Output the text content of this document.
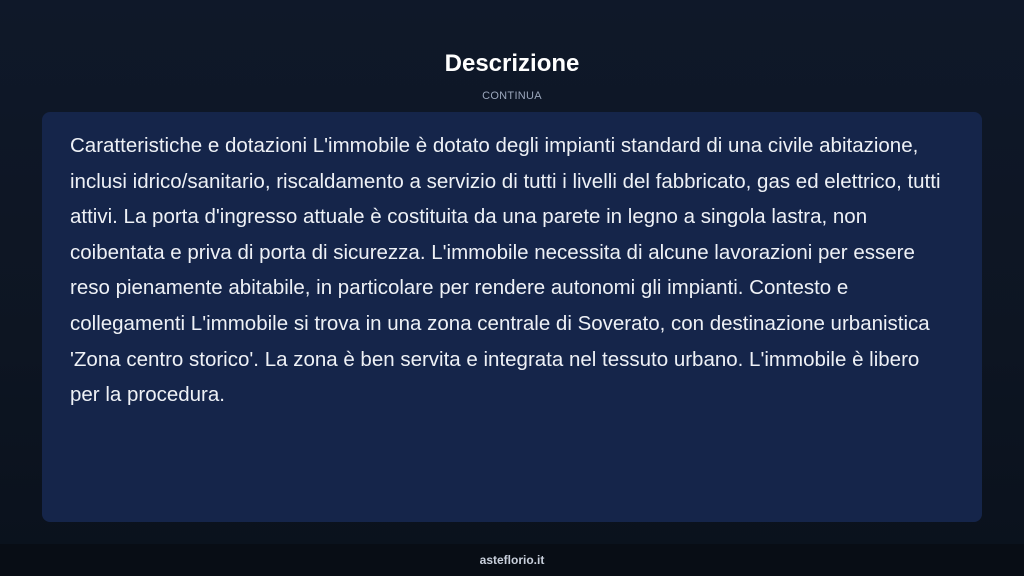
Descrizione
CONTINUA

Caratteristiche e dotazioni L'immobile è dotato degli impianti standard di una civile abitazione, inclusi idrico/sanitario, riscaldamento a servizio di tutti i livelli del fabbricato, gas ed elettrico, tutti attivi. La porta d'ingresso attuale è costituita da una parete in legno a singola lastra, non coibentata e priva di porta di sicurezza. L'immobile necessita di alcune lavorazioni per essere reso pienamente abitabile, in particolare per rendere autonomi gli impianti. Contesto e collegamenti L'immobile si trova in una zona centrale di Soverato, con destinazione urbanistica 'Zona centro storico'. La zona è ben servita e integrata nel tessuto urbano. L'immobile è libero per la procedura.

asteflorio.it
